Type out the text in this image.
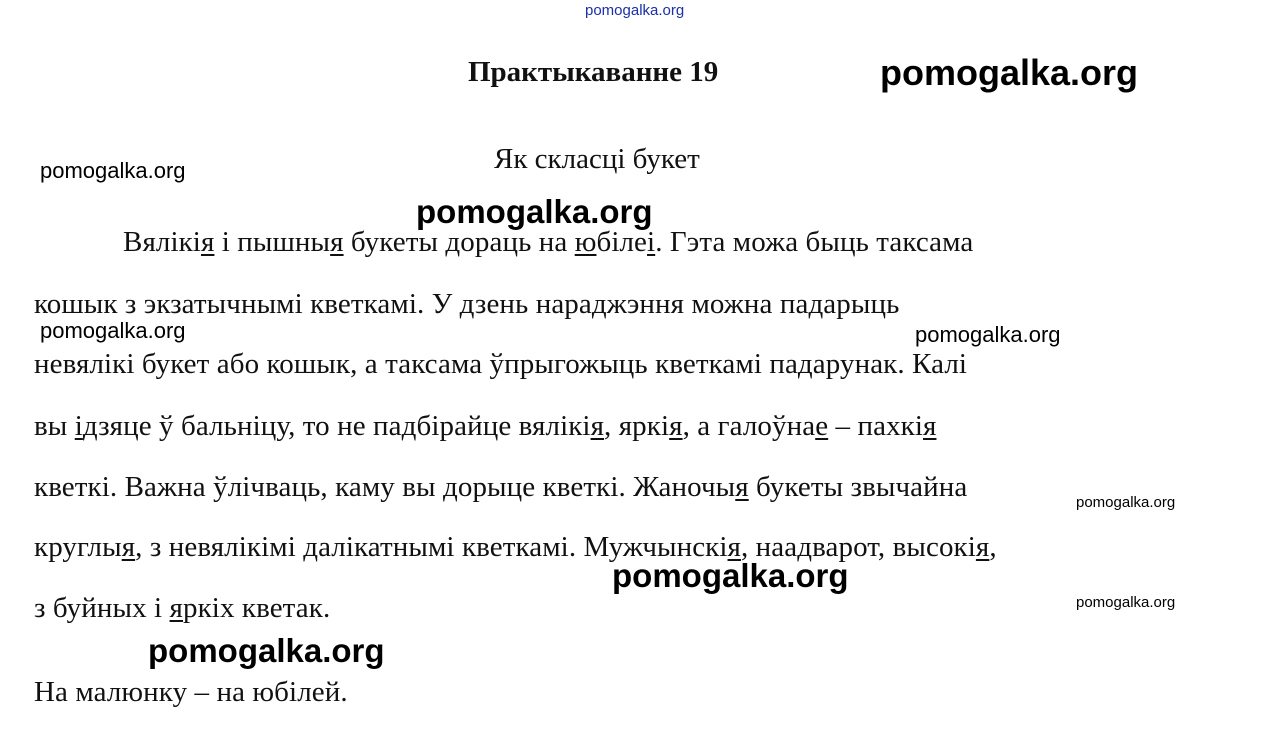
pomogalka.org
pomogalka.org
pomogalka.org
pomogalka.org
Практыкаванне 19
Як скласці букет
Вялікія і пышныя букеты дораць на юбілеі. Гэта можа быць таксама
кошык з экзатычнымі кветкамі. У дзень нараджэння можна падарыць
невялікі букет або кошык, а таксама ўпрыгожыць кветкамі падарунак. Калі
вы ідзяце ў бальніцу, то не падбірайце вялікія, яркія, а галоўнае – пахкія
кветкі. Важна ўлічваць, каму вы дорыце кветкі. Жаночыя букеты звычайна
круглыя, з невялікімі далікатнымі кветкамі. Мужчынскія, наадварот, высокія,
з буйных і яркіх кветак.
На малюнку – на юбілей.
pomogalka.org	pomogalka.org
pomogalka.org
pomogalka.org
pomogalka.org
pomogalka.org
